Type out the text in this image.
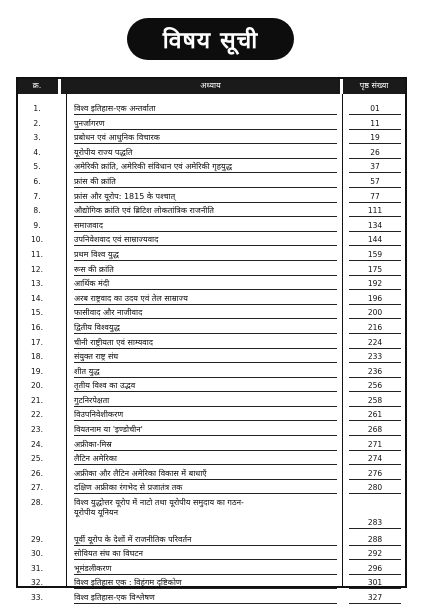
विषय सूची
क्र.	अध्याय	पृष्ठ संख्या
1.	विश्व इतिहास-एक अन्तर्वाता	01
2.	पुनर्जागरण	11
3.	प्रबोधन एवं आधुनिक विचारक	19
4.	यूरोपीय राज्य पद्धति	26
5.	अमेरिकी क्रांति, अमेरिकी संविधान एवं अमेरिकी गृहयुद्ध	37
6.	फ्रांस की क्रांति	57
7.	फ्रांस और यूरोप: 1815 के पश्चात्	77
8.	औद्योगिक क्रांति एवं ब्रिटिश लोकतांत्रिक राजनीति	111
9.	समाजवाद	134
10.	उपनिवेशवाद एवं साम्राज्यवाद	144
11.	प्रथम विश्व युद्ध	159
12.	रूस की क्रांति	175
13.	आर्थिक मंदी	192
14.	अरब राष्ट्रवाद का उदय एवं तेल साम्राज्य	196
15.	फासीवाद और नाजीवाद	200
16.	द्वितीय विश्वयुद्ध	216
17.	चीनी राष्ट्रीयता एवं साम्यवाद	224
18.	संयुक्त राष्ट्र संघ	233
19.	शीत युद्ध	236
20.	तृतीय विश्व का उद्भव	256
21.	गुटनिरपेक्षता	258
22.	विउपनिवेशीकरण	261
23.	वियतनाम या 'इण्डोचीन'	268
24.	अफ्रीका-मिस्र	271
25.	लैटिन अमेरिका	274
26.	अफ्रीका और लैटिन अमेरिका विकास में बाधाएँ	276
27.	दक्षिण अफ्रीका रंगभेद से प्रजातंत्र तक	280
28.	विश्व युद्धोत्तर यूरोप में नाटो तथा यूरोपीय समुदाय का गठन-
यूरोपीय यूनियन
283
29.	पूर्वी यूरोप के देशों में राजनीतिक परिवर्तन	288
30.	सोवियत संघ का विघटन	292
31.	भूमंडलीकरण	296
32.	विश्व इतिहास एक : विहंगम दृष्टिकोण	301
33.	विश्व इतिहास-एक विश्लेषण	327
